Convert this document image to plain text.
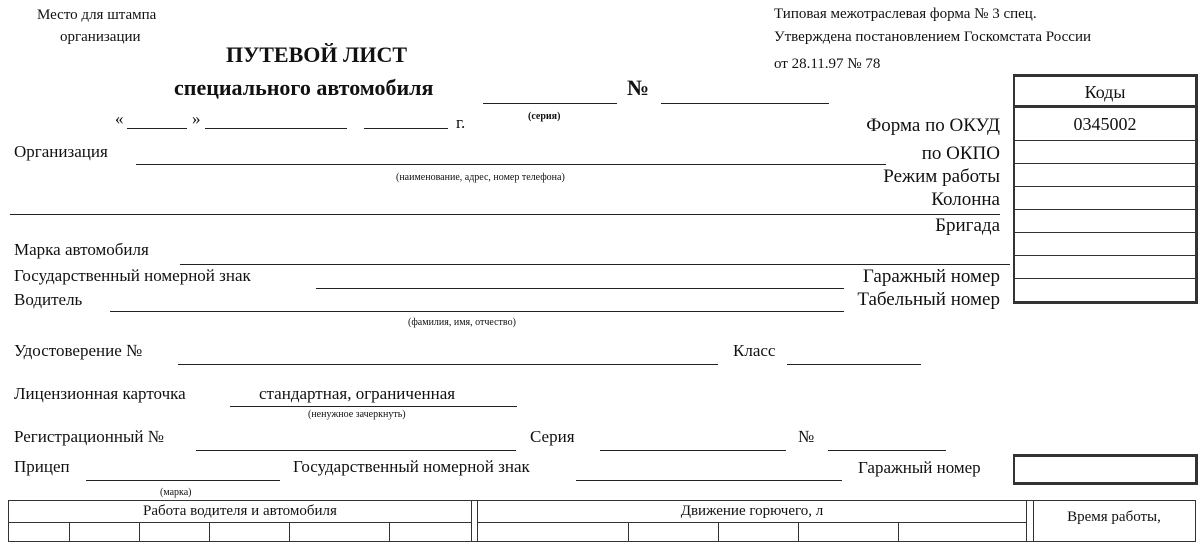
Место для штампа
организации
Типовая межотраслевая форма № 3 спец.
Утверждена постановлением Госкомстата России
от 28.11.97 № 78
ПУТЕВОЙ ЛИСТ
специального автомобиля
(серия)
№
«	»	г.
Коды
0345002
Форма по ОКУД
по ОКПО
Режим работы
Колонна
Бригада
Гаражный номер
Табельный номер
Организация
(наименование, адрес, номер телефона)
Марка автомобиля
Государственный номерной знак
Водитель
(фамилия, имя, отчество)
Удостоверение №	Класс
Лицензионная карточка	стандартная, ограниченная
(ненужное зачеркнуть)
Регистрационный №	Серия	№
Прицеп
(марка)
Государственный номерной знак	Гаражный номер
Работа водителя и автомобиля	Движение горючего, л	Время работы,
